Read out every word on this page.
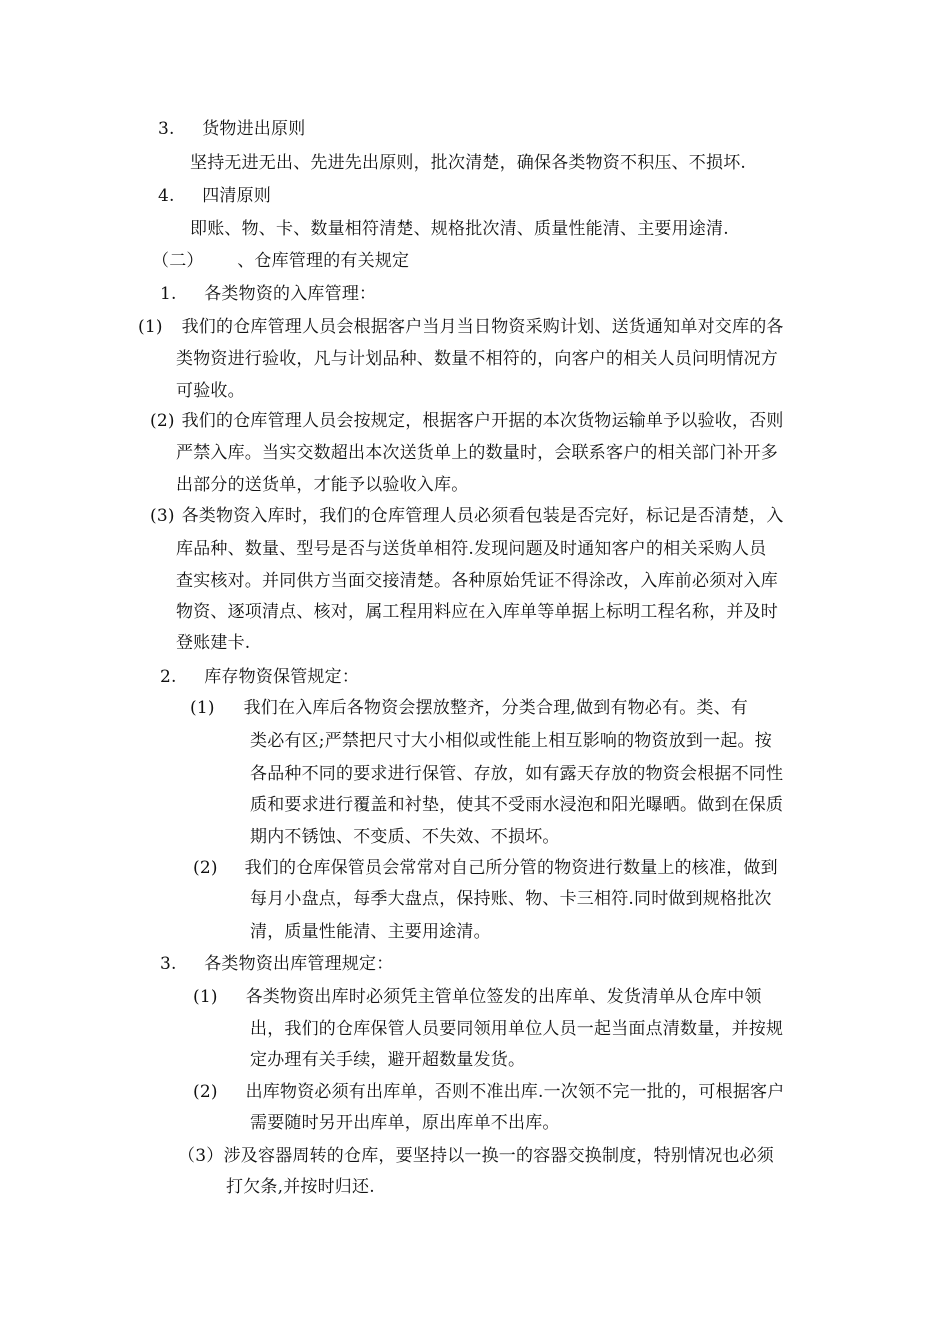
3. 货物进出原则
坚持无进无出、先进先出原则，批次清楚，确保各类物资不积压、不损坏.
4. 四清原则
即账、物、卡、数量相符清楚、规格批次清、质量性能清、主要用途清.
（二） 、仓库管理的有关规定
1. 各类物资的入库管理：
(1) 我们的仓库管理人员会根据客户当月当日物资采购计划、送货通知单对交库的各
类物资进行验收，凡与计划品种、数量不相符的，向客户的相关人员问明情况方
可验收。
(2) 我们的仓库管理人员会按规定，根据客户开据的本次货物运输单予以验收，否则
严禁入库。当实交数超出本次送货单上的数量时，会联系客户的相关部门补开多
出部分的送货单，才能予以验收入库。
(3) 各类物资入库时，我们的仓库管理人员必须看包装是否完好，标记是否清楚，入
库品种、数量、型号是否与送货单相符.发现问题及时通知客户的相关采购人员
查实核对。并同供方当面交接清楚。各种原始凭证不得涂改，入库前必须对入库
物资、逐项清点、核对，属工程用料应在入库单等单据上标明工程名称，并及时
登账建卡.
2. 库存物资保管规定：
(1) 我们在入库后各物资会摆放整齐，分类合理,做到有物必有。类、有
类必有区;严禁把尺寸大小相似或性能上相互影响的物资放到一起。按
各品种不同的要求进行保管、存放，如有露天存放的物资会根据不同性
质和要求进行覆盖和衬垫，使其不受雨水浸泡和阳光曝晒。做到在保质
期内不锈蚀、不变质、不失效、不损坏。
(2) 我们的仓库保管员会常常对自己所分管的物资进行数量上的核准，做到
每月小盘点，每季大盘点，保持账、物、卡三相符.同时做到规格批次
清，质量性能清、主要用途清。
3. 各类物资出库管理规定：
(1) 各类物资出库时必须凭主管单位签发的出库单、发货清单从仓库中领
出，我们的仓库保管人员要同领用单位人员一起当面点清数量，并按规
定办理有关手续，避开超数量发货。
(2) 出库物资必须有出库单，否则不准出库.一次领不完一批的，可根据客户
需要随时另开出库单，原出库单不出库。
（3） 涉及容器周转的仓库，要坚持以一换一的容器交换制度，特别情况也必须
打欠条,并按时归还.
